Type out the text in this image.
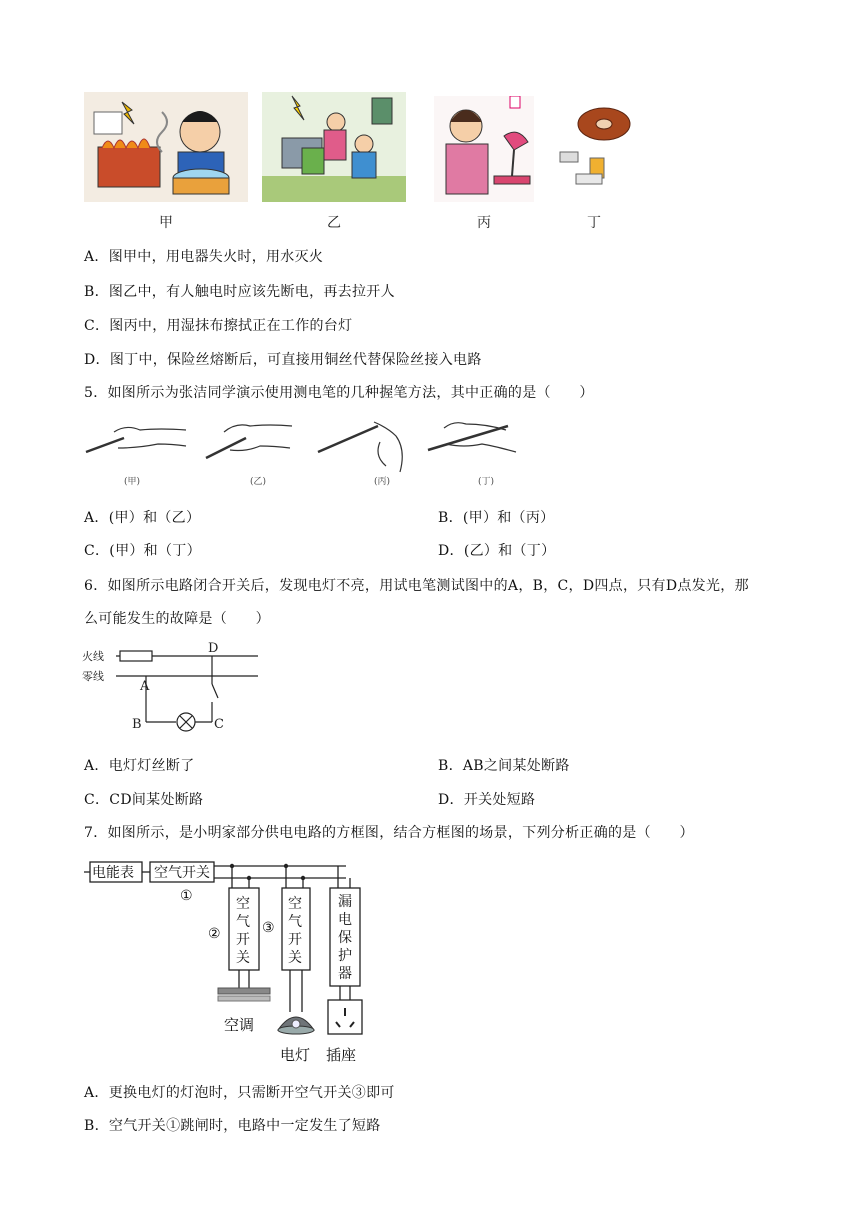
甲	乙	丙	丁
A．图甲中，用电器失火时，用水灭火
B．图乙中，有人触电时应该先断电，再去拉开人
C．图丙中，用湿抹布擦拭正在工作的台灯
D．图丁中，保险丝熔断后，可直接用铜丝代替保险丝接入电路
5．如图所示为张洁同学演示使用测电笔的几种握笔方法，其中正确的是（　　）
(甲)	(乙)	(丙)	(丁)
A．(甲）和（乙）	B．(甲）和（丙）
C．(甲）和（丁）	D．(乙）和（丁）
6．如图所示电路闭合开关后，发现电灯不亮，用试电笔测试图中的A，B，C，D四点，只有D点发光，那
么可能发生的故障是（　　）
火线
零线
A
B	C
D
A．电灯灯丝断了	B．AB之间某处断路
C．CD间某处断路	D．开关处短路
7．如图所示，是小明家部分供电电路的方框图，结合方框图的场景，下列分析正确的是（　　）
电能表 空气开关
①
②	③
空调
电灯 插座
空气开关
空气开关
漏电保护器
A．更换电灯的灯泡时，只需断开空气开关③即可
B．空气开关①跳闸时，电路中一定发生了短路
